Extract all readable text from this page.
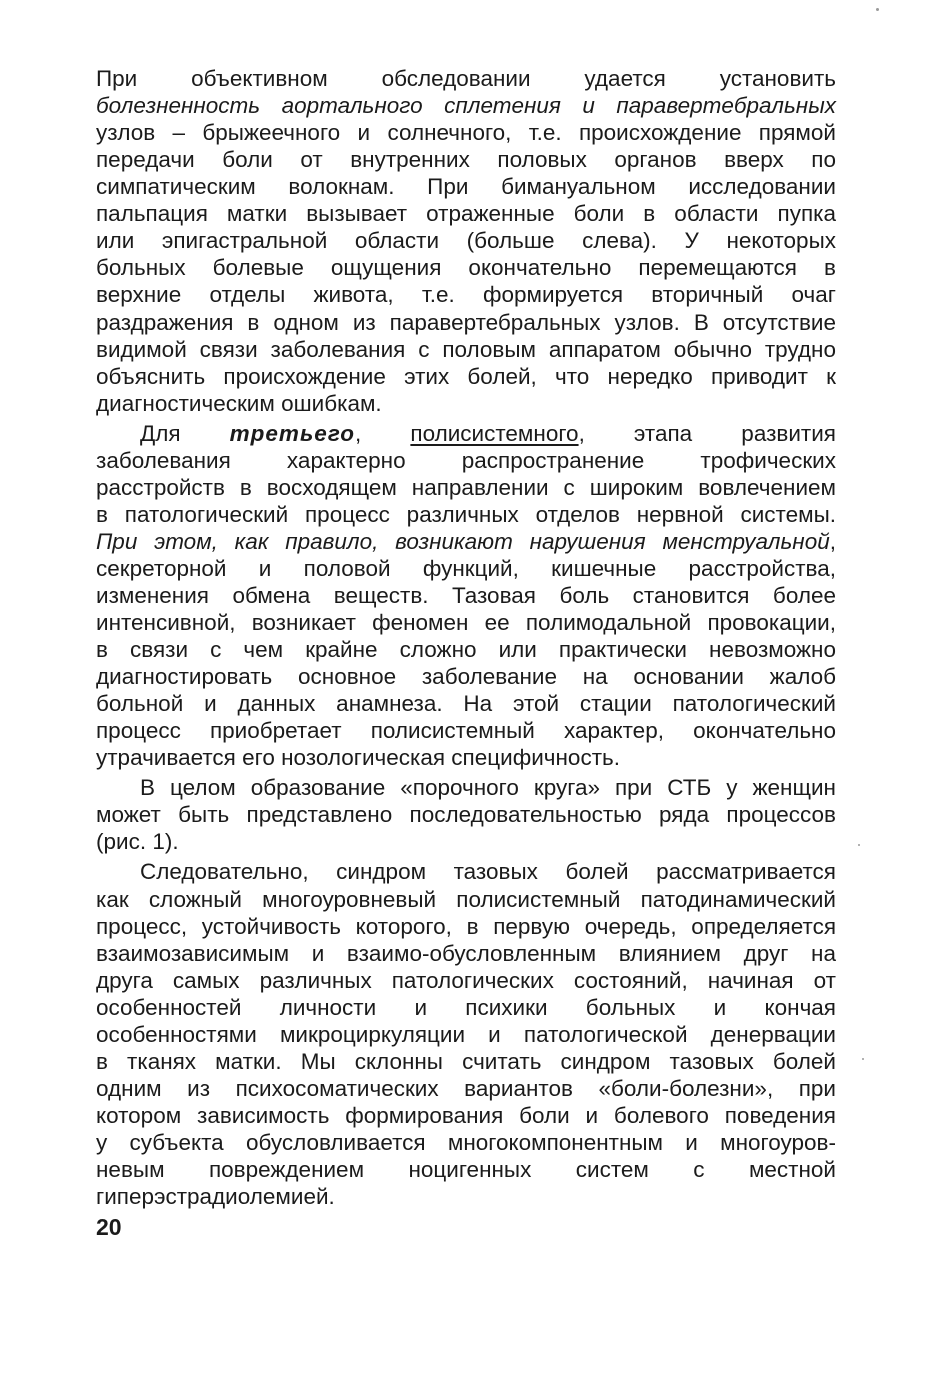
При объективном обследовании удается установить
болезненность аортального сплетения и паравертебральных
узлов – брыжеечного и солнечного, т.е. происхождение прямой
передачи боли от внутренних половых органов вверх по
симпатическим волокнам. При бимануальном исследовании
пальпация матки вызывает отраженные боли в области пупка
или эпигастральной области (больше слева). У некоторых
больных болевые ощущения окончательно перемещаются в
верхние отделы живота, т.е. формируется вторичный очаг
раздражения в одном из паравертебральных узлов. В отсутствие
видимой связи заболевания с половым аппаратом обычно трудно
объяснить происхождение этих болей, что нередко приводит к
диагностическим ошибкам.
Для третьего, полисистемного, этапа развития
заболевания характерно распространение трофических
расстройств в восходящем направлении с широким вовлечением
в патологический процесс различных отделов нервной системы.
При этом, как правило, возникают нарушения менструальной,
секреторной и половой функций, кишечные расстройства,
изменения обмена веществ. Тазовая боль становится более
интенсивной, возникает феномен ее полимодальной провокации,
в связи с чем крайне сложно или практически невозможно
диагностировать основное заболевание на основании жалоб
больной и данных анамнеза. На этой стации патологический
процесс приобретает полисистемный характер, окончательно
утрачивается его нозологическая специфичность.
В целом образование «порочного круга» при СТБ у женщин
может быть представлено последовательностью ряда процессов
(рис. 1).
Следовательно, синдром тазовых болей рассматривается
как сложный многоуровневый полисистемный патодинамический
процесс, устойчивость которого, в первую очередь, определяется
взаимозависимым и взаимо-обусловленным влиянием друг на
друга самых различных патологических состояний, начиная от
особенностей личности и психики больных и кончая
особенностями микроциркуляции и патологической денервации
в тканях матки. Мы склонны считать синдром тазовых болей
одним из психосоматических вариантов «боли-болезни», при
котором зависимость формирования боли и болевого поведения
у субъекта обусловливается многокомпонентным и многоуров-
невым повреждением ноцигенных систем с местной
гиперэстрадиолемией.
20
